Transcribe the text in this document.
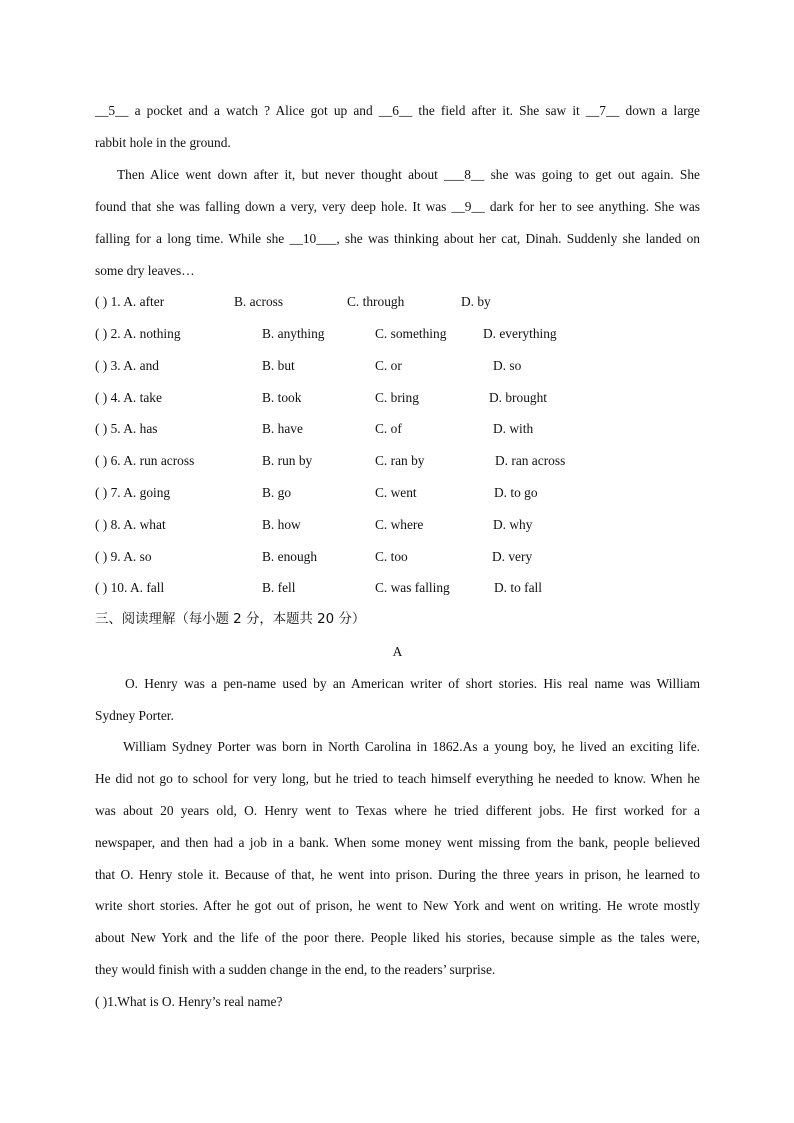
__5__ a pocket and a watch ? Alice got up and __6__ the field after it. She saw it __7__ down a large
rabbit hole in the ground.
Then Alice went down after it, but never thought about ___8__ she was going to get out again. She
found that she was falling down a very, very deep hole. It was __9__ dark for her to see anything. She was
falling for a long time. While she __10___, she was thinking about her cat, Dinah. Suddenly she landed on
some dry leaves…
( ) 1. A. after	B. across	C. through	D. by
( ) 2. A. nothing	B. anything	C. something	D. everything
( ) 3. A. and	B. but	C. or	D. so
( ) 4. A. take	B. took	C. bring	D. brought
( ) 5. A. has	B. have	C. of	D. with
( ) 6. A. run across	B. run by	C. ran by	D. ran across
( ) 7. A. going	B. go	C. went	D. to go
( ) 8. A. what	B. how	C. where	D. why
( ) 9. A. so	B. enough	C. too	D. very
( ) 10. A. fall	B. fell	C. was falling	D. to fall
三、阅读理解（每小题 2 分，本题共 20 分）
A
O. Henry was a pen-name used by an American writer of short stories. His real name was William
Sydney Porter.
William Sydney Porter was born in North Carolina in 1862.As a young boy, he lived an exciting life.
He did not go to school for very long, but he tried to teach himself everything he needed to know. When he
was about 20 years old, O. Henry went to Texas where he tried different jobs. He first worked for a
newspaper, and then had a job in a bank. When some money went missing from the bank, people believed
that O. Henry stole it. Because of that, he went into prison. During the three years in prison, he learned to
write short stories. After he got out of prison, he went to New York and went on writing. He wrote mostly
about New York and the life of the poor there. People liked his stories, because simple as the tales were,
they would finish with a sudden change in the end, to the readers’ surprise.
( )1.What is O. Henry’s real name?
